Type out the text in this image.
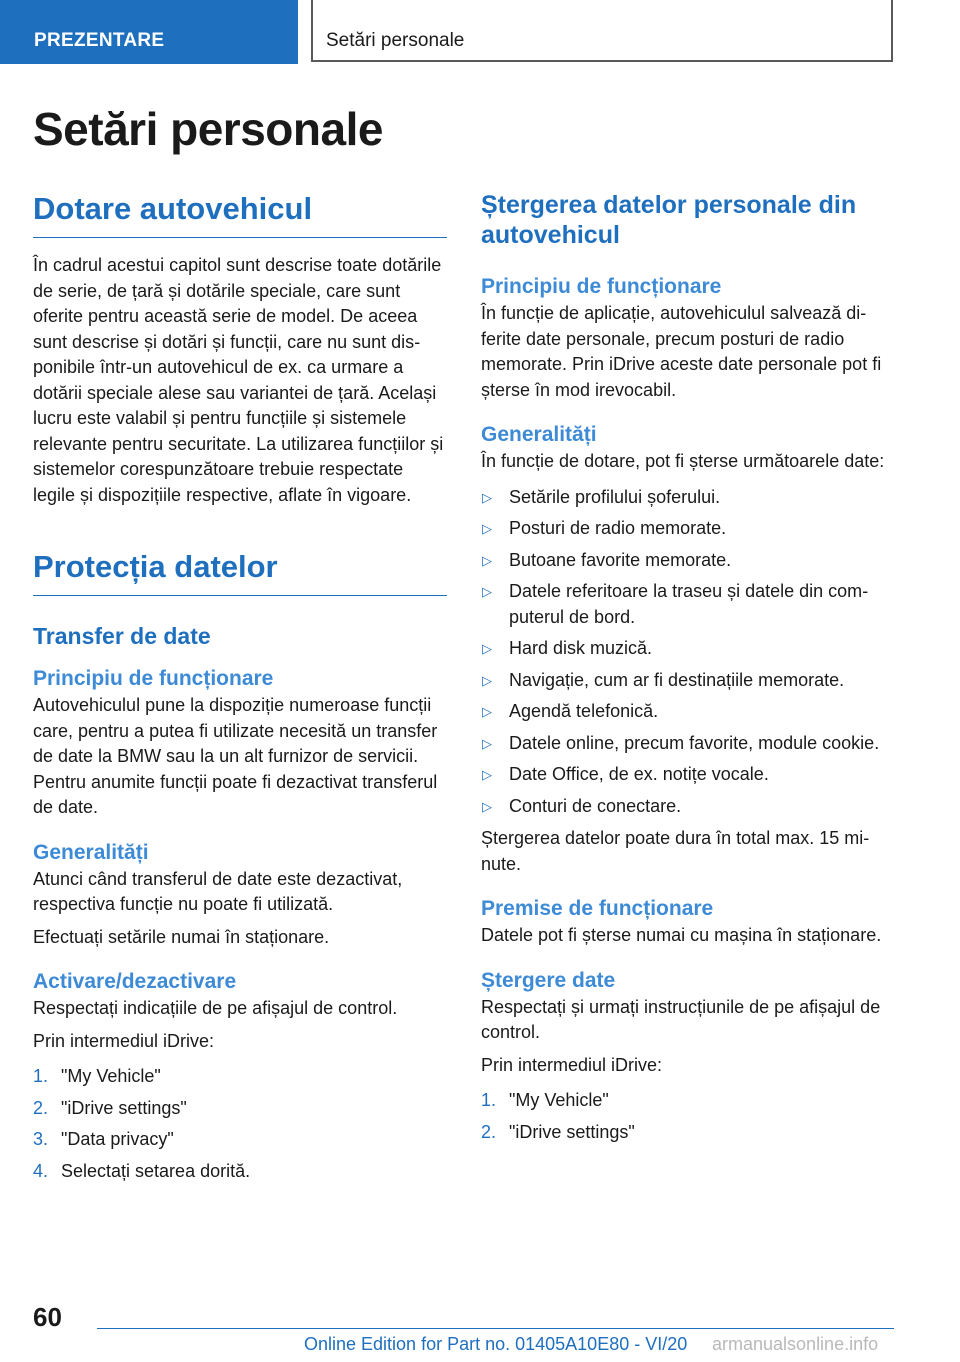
PREZENTARE	Setări personale
Setări personale
Dotare autovehicul

În cadrul acestui capitol sunt descrise toate dotările de serie, de țară și dotările speciale, care sunt oferite pentru această serie de model. De aceea sunt descrise și dotări și funcții, care nu sunt disponibile într-un autovehicul de ex. ca urmare a dotării speciale alese sau variantei de țară. Același lucru este valabil și pentru funcțiile și sistemele relevante pentru securitate. La utilizarea funcțiilor și sistemelor corespunzătoare trebuie respectate legile și dispozițiile respective, aflate în vigoare.

Protecția datelor
Transfer de date
Principiu de funcționare

Autovehiculul pune la dispoziție numeroase funcții care, pentru a putea fi utilizate necesită un transfer de date la BMW sau la un alt furnizor de servicii. Pentru anumite funcții poate fi dezactivat transferul de date.

Generalități

Atunci când transferul de date este dezactivat, respectiva funcție nu poate fi utilizată.

Efectuați setările numai în staționare.

Activare/dezactivare

Respectați indicațiile de pe afișajul de control.

Prin intermediul iDrive:

1. "My Vehicle"
2. "iDrive settings"
3. "Data privacy"
4. Selectați setarea dorită.
Ștergerea datelor personale din autovehicul
Principiu de funcționare

În funcție de aplicație, autovehiculul salvează diferite date personale, precum posturi de radio memorate. Prin iDrive aceste date personale pot fi șterse în mod irevocabil.

Generalități

În funcție de dotare, pot fi șterse următoarele date:

▷ Setările profilului șoferului.
▷ Posturi de radio memorate.
▷ Butoane favorite memorate.
▷ Datele referitoare la traseu și datele din computerul de bord.
▷ Hard disk muzică.
▷ Navigație, cum ar fi destinațiile memorate.
▷ Agendă telefonică.
▷ Datele online, precum favorite, module cookie.
▷ Date Office, de ex. notițe vocale.
▷ Conturi de conectare.

Ștergerea datelor poate dura în total max. 15 minute.

Premise de funcționare

Datele pot fi șterse numai cu mașina în staționare.

Ștergere date

Respectați și urmați instrucțiunile de pe afișajul de control.

Prin intermediul iDrive:

1. "My Vehicle"
2. "iDrive settings"
60
Online Edition for Part no. 01405A10E80 - VI/20 armanualsonline.info
